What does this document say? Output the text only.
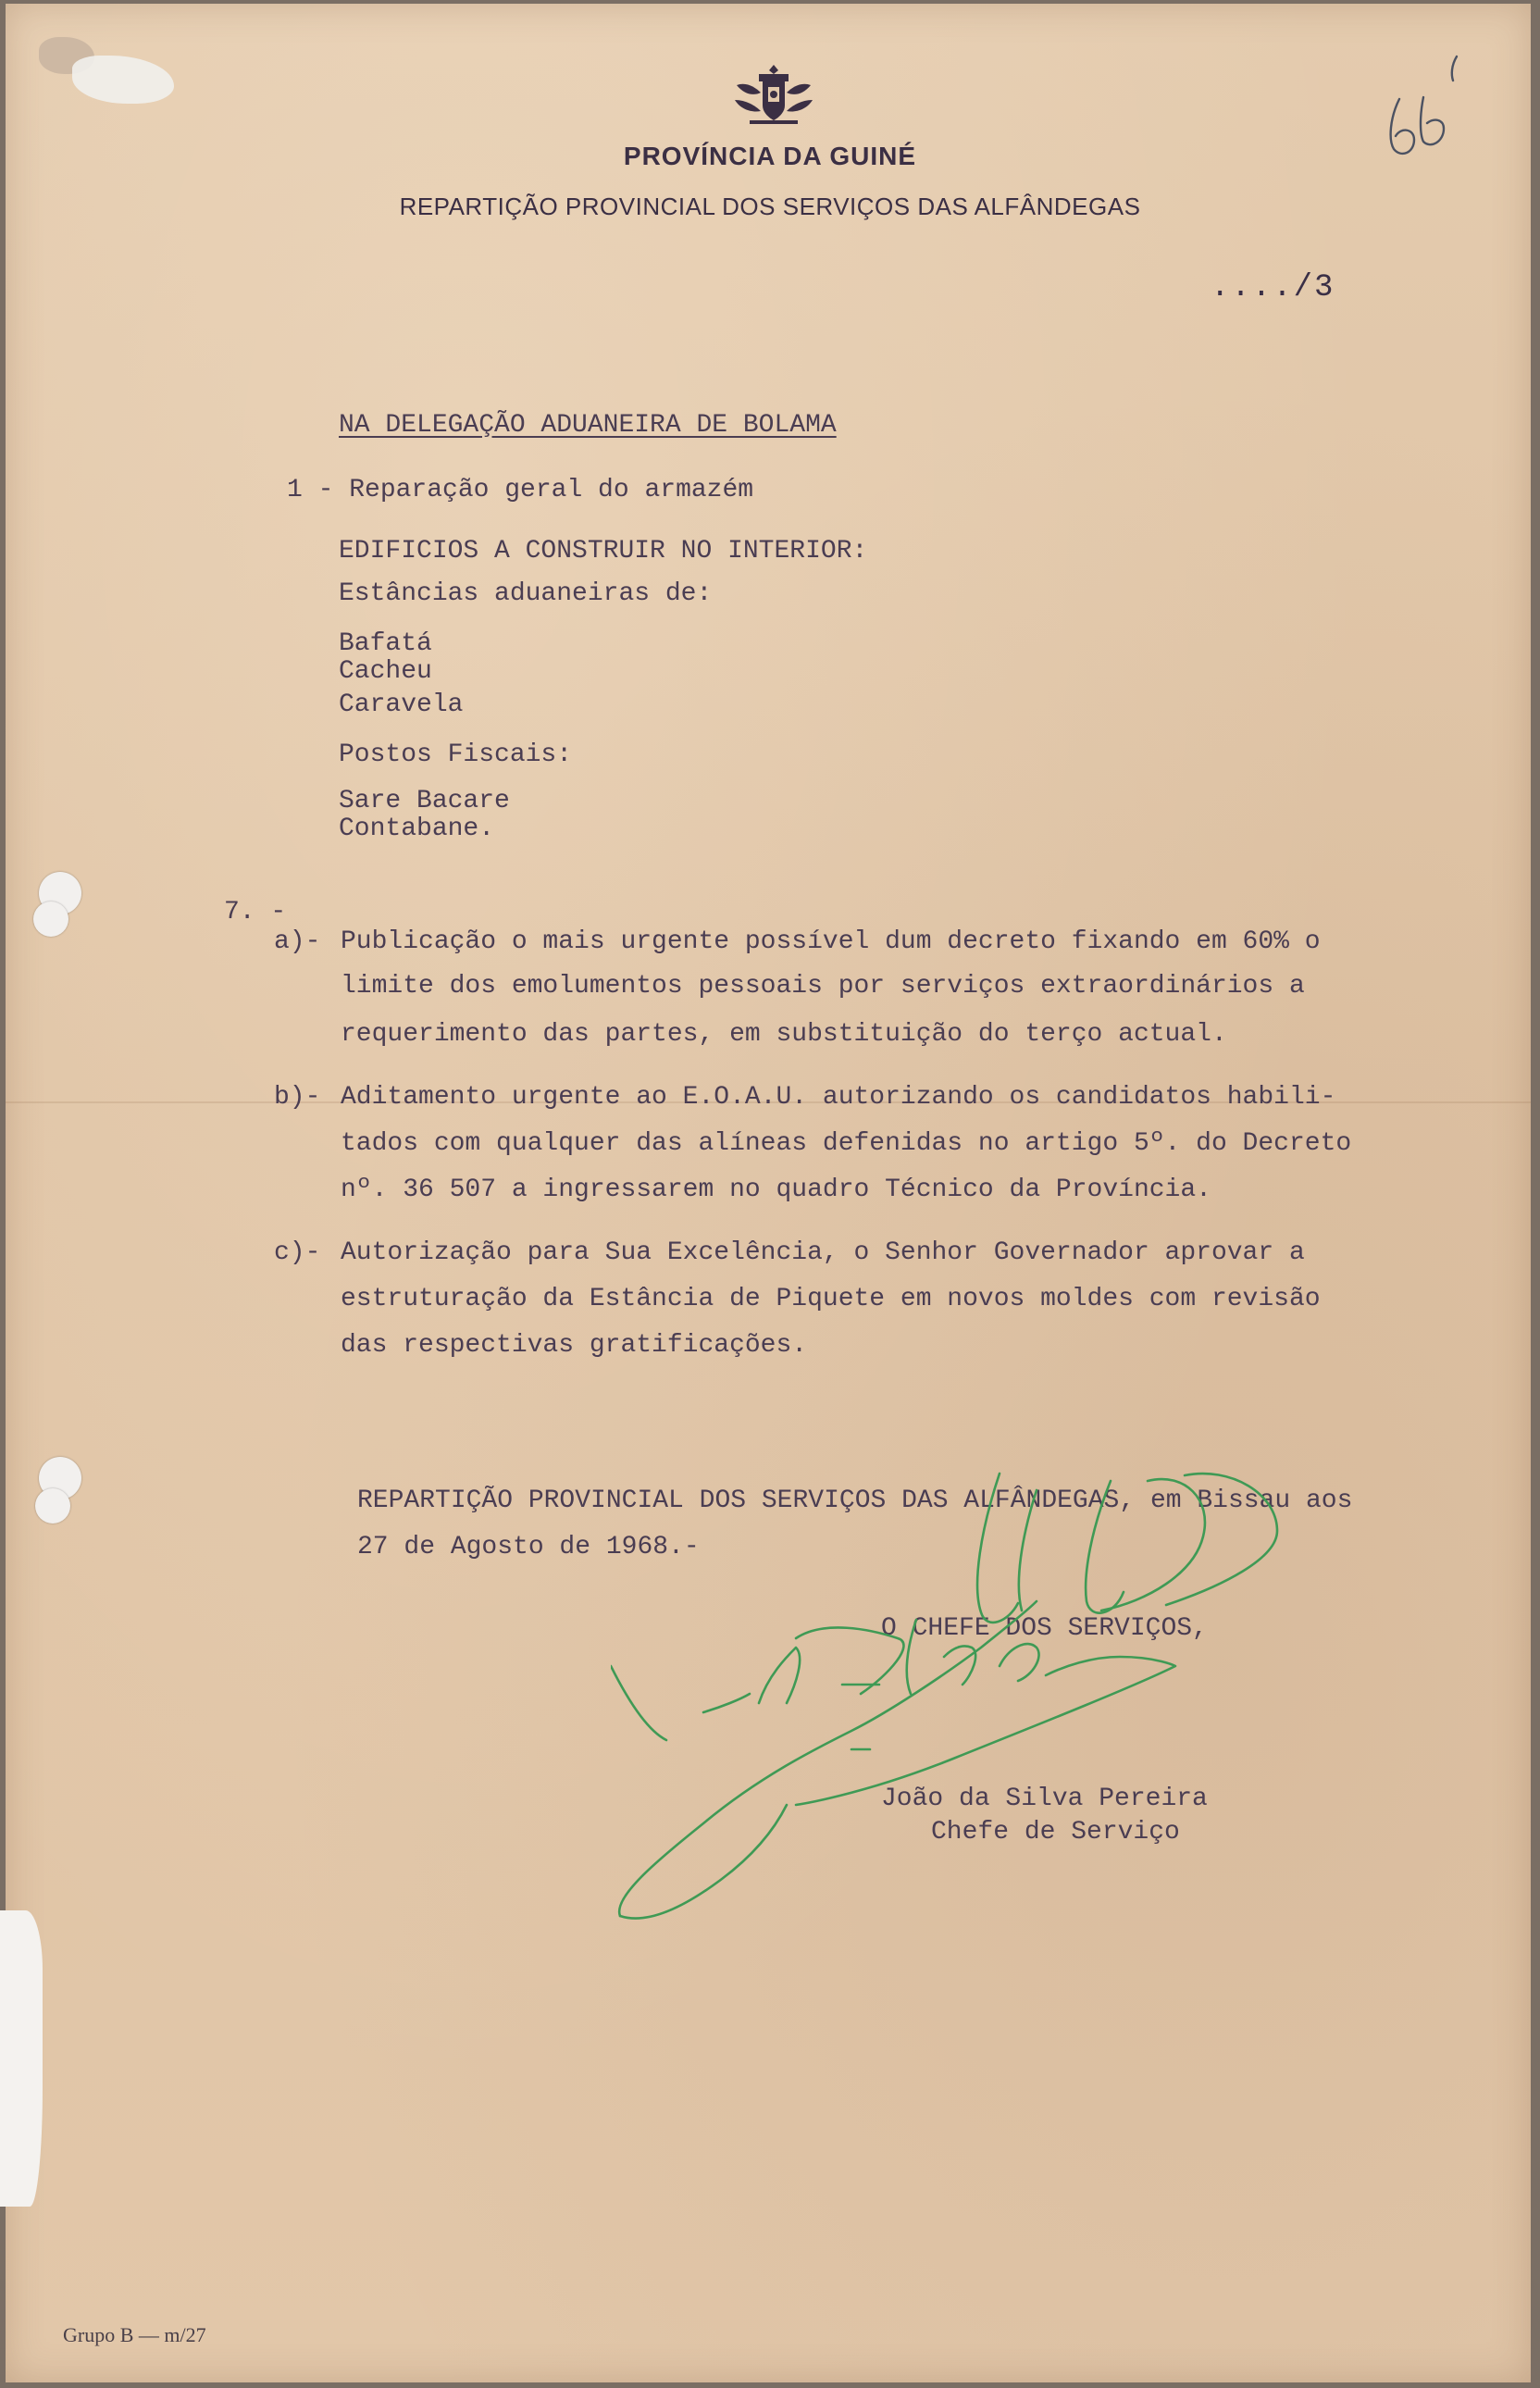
PROVÍNCIA DA GUINÉ
REPARTIÇÃO PROVINCIAL DOS SERVIÇOS DAS ALFÂNDEGAS
..../3
65
NA DELEGAÇÃO ADUANEIRA DE BOLAMA
1 - Reparação geral do armazém
EDIFICIOS A CONSTRUIR NO INTERIOR:
Estâncias aduaneiras de:
Bafatá
Cacheu
Caravela
Postos Fiscais:
Sare Bacare
Contabane.
7. -
a)- Publicação o mais urgente possível dum decreto fixando em 60% o
limite dos emolumentos pessoais por serviços extraordinários a
requerimento das partes, em substituição do terço actual.
b)- Aditamento urgente ao E.O.A.U. autorizando os candidatos habili-
tados com qualquer das alíneas defenidas no artigo 5º. do Decreto
nº. 36 507 a ingressarem no quadro Técnico da Província.
c)- Autorização para Sua Excelência, o Senhor Governador aprovar a
estruturação da Estância de Piquete em novos moldes com revisão
das respectivas gratificações.
REPARTIÇÃO PROVINCIAL DOS SERVIÇOS DAS ALFÂNDEGAS, em Bissau aos
27 de Agosto de 1968.-
O CHEFE DOS SERVIÇOS,
João da Silva Pereira
Chefe de Serviço
Grupo B — m/27
